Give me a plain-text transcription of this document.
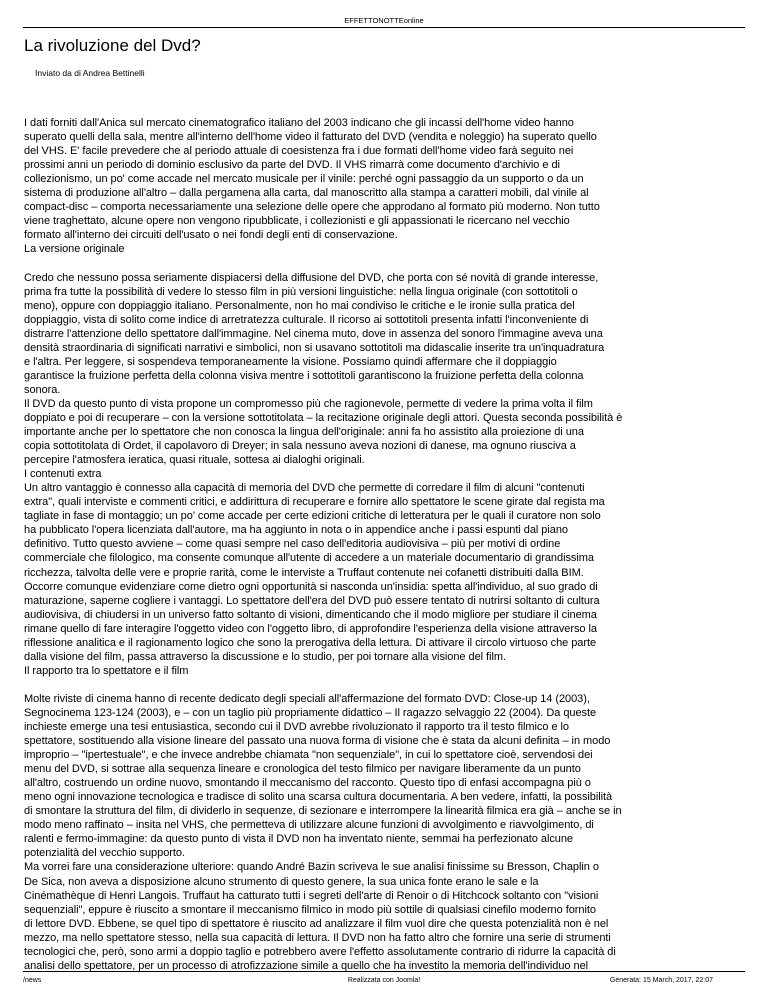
EFFETTONOTTEonline
La rivoluzione del Dvd?
Inviato da di Andrea Bettinelli
I dati forniti dall'Anica sul mercato cinematografico italiano del 2003 indicano che gli incassi dell'home video hanno
superato quelli della sala, mentre all'interno dell'home video il fatturato del DVD (vendita e noleggio) ha superato quello
del VHS. E' facile prevedere che al periodo attuale di coesistenza fra i due formati dell'home video farà seguito nei
prossimi anni un periodo di dominio esclusivo da parte del DVD. Il VHS rimarrà come documento d'archivio e di
collezionismo, un po' come accade nel mercato musicale per il vinile: perché ogni passaggio da un supporto o da un
sistema di produzione all'altro – dalla pergamena alla carta, dal manoscritto alla stampa a caratteri mobili, dal vinile al
compact-disc – comporta necessariamente una selezione delle opere che approdano al formato più moderno. Non tutto
viene traghettato, alcune opere non vengono ripubblicate, i collezionisti e gli appassionati le ricercano nel vecchio
formato all'interno dei circuiti dell'usato o nei fondi degli enti di conservazione.
La versione originale
Credo che nessuno possa seriamente dispiacersi della diffusione del DVD, che porta con sé novità di grande interesse,
prima fra tutte la possibilità di vedere lo stesso film in più versioni linguistiche: nella lingua originale (con sottotitoli o
meno), oppure con doppiaggio italiano. Personalmente, non ho mai condiviso le critiche e le ironie sulla pratica del
doppiaggio, vista di solito come indice di arretratezza culturale. Il ricorso ai sottotitoli presenta infatti l'inconveniente di
distrarre l'attenzione dello spettatore dall'immagine. Nel cinema muto, dove in assenza del sonoro l'immagine aveva una
densità straordinaria di significati narrativi e simbolici, non si usavano sottotitoli ma didascalie inserite tra un'inquadratura
e l'altra. Per leggere, si sospendeva temporaneamente la visione. Possiamo quindi affermare che il doppiaggio
garantisce la fruizione perfetta della colonna visiva mentre i sottotitoli garantiscono la fruizione perfetta della colonna
sonora.
Il DVD da questo punto di vista propone un compromesso più che ragionevole, permette di vedere la prima volta il film
doppiato e poi di recuperare – con la versione sottotitolata – la recitazione originale degli attori. Questa seconda possibilità è
importante anche per lo spettatore che non conosca la lingua dell'originale: anni fa ho assistito alla proiezione di una
copia sottotitolata di Ordet, il capolavoro di Dreyer; in sala nessuno aveva nozioni di danese, ma ognuno riusciva a
percepire l'atmosfera ieratica, quasi rituale, sottesa ai dialoghi originali.
I contenuti extra
Un altro vantaggio è connesso alla capacità di memoria del DVD che permette di corredare il film di alcuni "contenuti
extra", quali interviste e commenti critici, e addirittura di recuperare e fornire allo spettatore le scene girate dal regista ma
tagliate in fase di montaggio; un po' come accade per certe edizioni critiche di letteratura per le quali il curatore non solo
ha pubblicato l'opera licenziata dall'autore, ma ha aggiunto in nota o in appendice anche i passi espunti dal piano
definitivo. Tutto questo avviene – come quasi sempre nel caso dell'editoria audiovisiva – più per motivi di ordine
commerciale che filologico, ma consente comunque all'utente di accedere a un materiale documentario di grandissima
ricchezza, talvolta delle vere e proprie rarità, come le interviste a Truffaut contenute nei cofanetti distribuiti dalla BIM.
Occorre comunque evidenziare come dietro ogni opportunità si nasconda un'insidia: spetta all'individuo, al suo grado di
maturazione, saperne cogliere i vantaggi. Lo spettatore dell'era del DVD può essere tentato di nutrirsi soltanto di cultura
audiovisiva, di chiudersi in un universo fatto soltanto di visioni, dimenticando che il modo migliore per studiare il cinema
rimane quello di fare interagire l'oggetto video con l'oggetto libro, di approfondire l'esperienza della visione attraverso la
riflessione analitica e il ragionamento logico che sono la prerogativa della lettura. Di attivare il circolo virtuoso che parte
dalla visione del film, passa attraverso la discussione e lo studio, per poi tornare alla visione del film.
Il rapporto tra lo spettatore e il film
Molte riviste di cinema hanno di recente dedicato degli speciali all'affermazione del formato DVD: Close-up 14 (2003),
Segnocinema 123-124 (2003), e – con un taglio più propriamente didattico – Il ragazzo selvaggio 22 (2004). Da queste
inchieste emerge una tesi entusiastica, secondo cui il DVD avrebbe rivoluzionato il rapporto tra il testo filmico e lo
spettatore, sostituendo alla visione lineare del passato una nuova forma di visione che è stata da alcuni definita – in modo
improprio – "ipertestuale", e che invece andrebbe chiamata "non sequenziale", in cui lo spettatore cioè, servendosi dei
menu del DVD, si sottrae alla sequenza lineare e cronologica del testo filmico per navigare liberamente da un punto
all'altro, costruendo un ordine nuovo, smontando il meccanismo del racconto. Questo tipo di enfasi accompagna più o
meno ogni innovazione tecnologica e tradisce di solito una scarsa cultura documentaria. A ben vedere, infatti, la possibilità
di smontare la struttura del film, di dividerlo in sequenze, di sezionare e interrompere la linearità filmica era già – anche se in
modo meno raffinato – insita nel VHS, che permetteva di utilizzare alcune funzioni di avvolgimento e riavvolgimento, di
ralenti e fermo-immagine: da questo punto di vista il DVD non ha inventato niente, semmai ha perfezionato alcune
potenzialità del vecchio supporto.
Ma vorrei fare una considerazione ulteriore: quando André Bazin scriveva le sue analisi finissime su Bresson, Chaplin o
De Sica, non aveva a disposizione alcuno strumento di questo genere, la sua unica fonte erano le sale e la
Cinémathèque di Henri Langois. Truffaut ha catturato tutti i segreti dell'arte di Renoir o di Hitchcock soltanto con "visioni
sequenziali", eppure è riuscito a smontare il meccanismo filmico in modo più sottile di qualsiasi cinefilo moderno fornito
di lettore DVD. Ebbene, se quel tipo di spettatore è riuscito ad analizzare il film vuol dire che questa potenzialità non è nel
mezzo, ma nello spettatore stesso, nella sua capacità di lettura. Il DVD non ha fatto altro che fornire una serie di strumenti
tecnologici che, però, sono armi a doppio taglio e potrebbero avere l'effetto assolutamente contrario di ridurre la capacità di
analisi dello spettatore, per un processo di atrofizzazione simile a quello che ha investito la memoria dell'individuo nel
/news	Realizzata con Joomla!	Generata: 15 March, 2017, 22:07
